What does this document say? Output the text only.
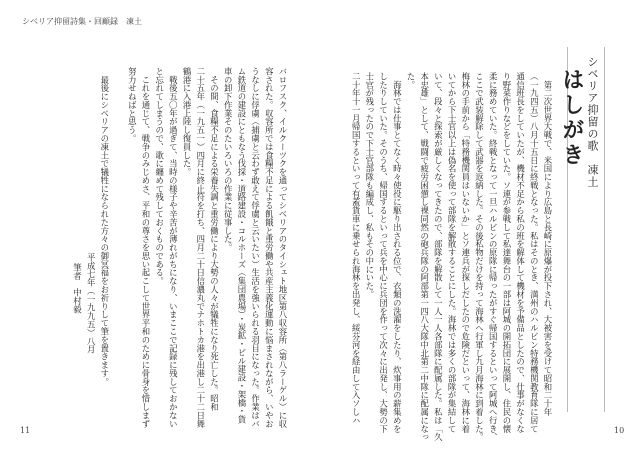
シベリア抑留詩集・回顧録　凍土
シベリア抑留の歌　凍土
はしがき
　第二次世界大戦で、米国により広島と長崎に原爆が投下され、大被害を受けて昭和二十年
（一九四五）八月十五日に終戦となった。私はそのとき、満州のハルビン特務機関教育隊に居て
通信班長をしていたが、機材不足から私の班を解体して機材を予備品としたので、仕事がなくな
り野菜作りなどをしていた。ソ連が参戦して私達舞台の一部は阿城の開拓団に展開し、住民の懐
柔に務めていた。終戦となって一旦ハルビンの原隊に帰ったがすぐ帰国するといって阿城へ行き、
ここで武装解除して武器を返納した。その後私物だけを持って海林へ行軍し九月海林に到着した。
梅林の手前から「特務機関員はいないか」とソ連兵が探しだしたので危険だといって、海林に着
いてから下士官以上は偽名を使って部隊を解散することにした。海林では多くの部隊が集結して
いて、段々と探索が厳しくなってきたので、部隊を解散して一人一人各部隊に配属した。私は「久
本忠雄」として、戦闘で疲労困憊し裸同然の砲兵隊の阿部第一四八大隊中北第二中隊に配属になっ
た。
　海林では仕事とてなく時々使役に駆り出される位で、衣類の洗濯をしたり、炊事用の薪集めを
したりしていた。そのうち、帰国するといって兵を中心に兵団を作って次々に出発し、大勢の下
士官が残ったので下士官部隊も編成し、私もその中にいた。
二十年十一月帰国するといって有蓋貨車に乗せられ海林を出発し、綏芬河を経由して入ソしハ
バロフスク、イルクーツクを通ってシベリアのタイシェト地区第八収容所（第八ラーゲル）に収
容された。収容所では食糧不足による飢餓と重労働や共産主義化運動に悩まされながら、いやお
うなしに俘虜（捕虜と云わず敢えて俘虜と云いたい）生活を強いられる羽目になった。作業はバ
ム鉄道の建設にともなう伐採・道路建設・コルホーズ（集団農場）・炭鉱・ビル建設・架橋・貨
車の卸下作業そのたいろいろの作業に従事した。
　その間、食糧不足による栄養失調と重労働により大勢の人々が犠牲になり死亡した。昭和
二十五年（一九五一）四月に終止符を打ち、四月二十日信濃丸でナホトカ港を出港し二十二日舞
鶴港に入港上陸し復員した。
　戦後五〇年が過ぎて、当時の様子や辛苦が薄れがちになり、いまここで記録に残しておかない
と忘れてしまうので、歌に纏めて残しておくものである。
　これを通じて、戦争のみじめさ、平和の尊さを思い起こして世界平和のために骨身を惜しまず
努力せねばと思う。

　最後にシベリアの凍土で犠牲になられた方々の御冥福をお祈りして筆を置きます。
平成七年（一九九五）八月
筆者　中村毅
11	10
